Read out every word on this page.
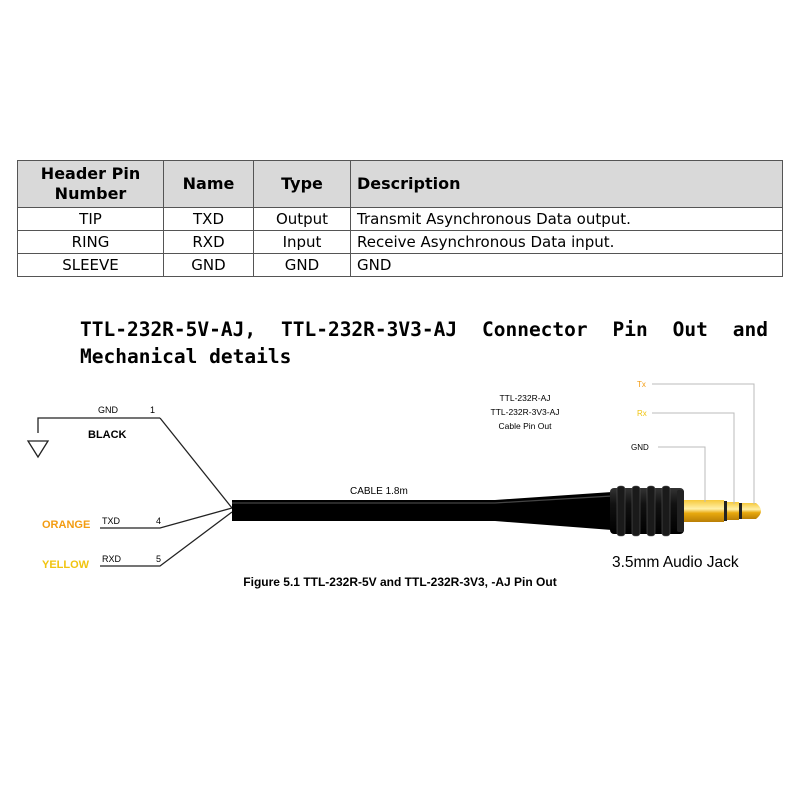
Header Pin Number	Name	Type	Description
TIP	TXD	Output	Transmit Asynchronous Data output.
RING	RXD	Input	Receive Asynchronous Data input.
SLEEVE	GND	GND	GND
TTL-232R-5V-AJ, TTL-232R-3V3-AJ Connector Pin Out and Mechanical details
GND	1
BLACK
TXD	4
ORANGE
RXD	5
YELLOW
CABLE 1.8m
TTL-232R-AJ
TTL-232R-3V3-AJ
Cable Pin Out
Tx
Rx
GND
3.5mm Audio Jack
Figure 5.1 TTL-232R-5V and TTL-232R-3V3, -AJ Pin Out
